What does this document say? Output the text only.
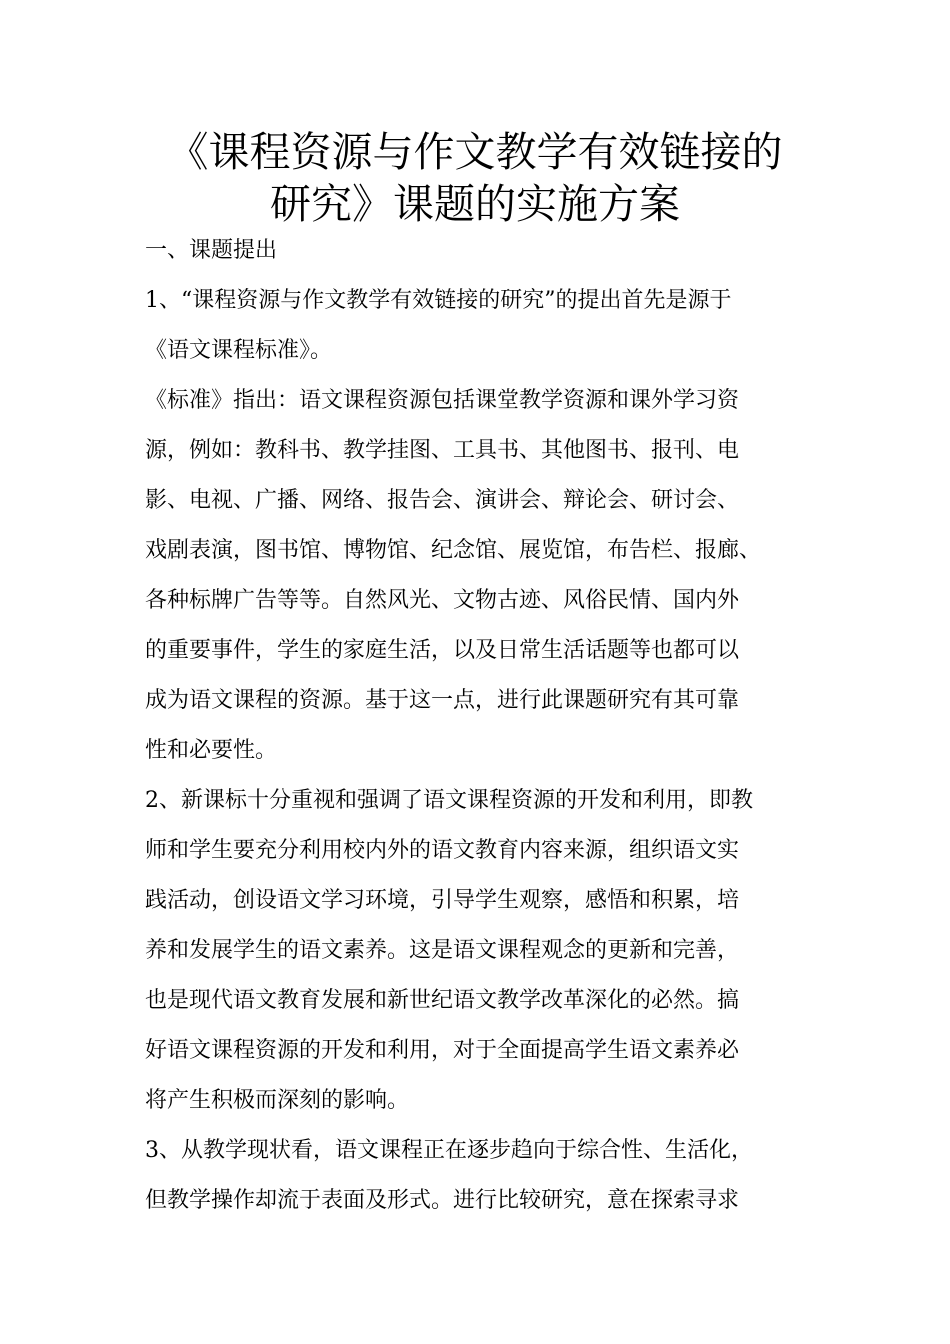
《课程资源与作文教学有效链接的
研究》课题的实施方案
一、课题提出
1、“课程资源与作文教学有效链接的研究”的提出首先是源于
《语文课程标准》。
《标准》指出：语文课程资源包括课堂教学资源和课外学习资
源，例如：教科书、教学挂图、工具书、其他图书、报刊、电
影、电视、广播、网络、报告会、演讲会、辩论会、研讨会、
戏剧表演，图书馆、博物馆、纪念馆、展览馆，布告栏、报廊、
各种标牌广告等等。自然风光、文物古迹、风俗民情、国内外
的重要事件，学生的家庭生活，以及日常生活话题等也都可以
成为语文课程的资源。基于这一点，进行此课题研究有其可靠
性和必要性。
2、新课标十分重视和强调了语文课程资源的开发和利用，即教
师和学生要充分利用校内外的语文教育内容来源，组织语文实
践活动，创设语文学习环境，引导学生观察，感悟和积累，培
养和发展学生的语文素养。这是语文课程观念的更新和完善，
也是现代语文教育发展和新世纪语文教学改革深化的必然。搞
好语文课程资源的开发和利用，对于全面提高学生语文素养必
将产生积极而深刻的影响。
3、从教学现状看，语文课程正在逐步趋向于综合性、生活化，
但教学操作却流于表面及形式。进行比较研究，意在探索寻求
